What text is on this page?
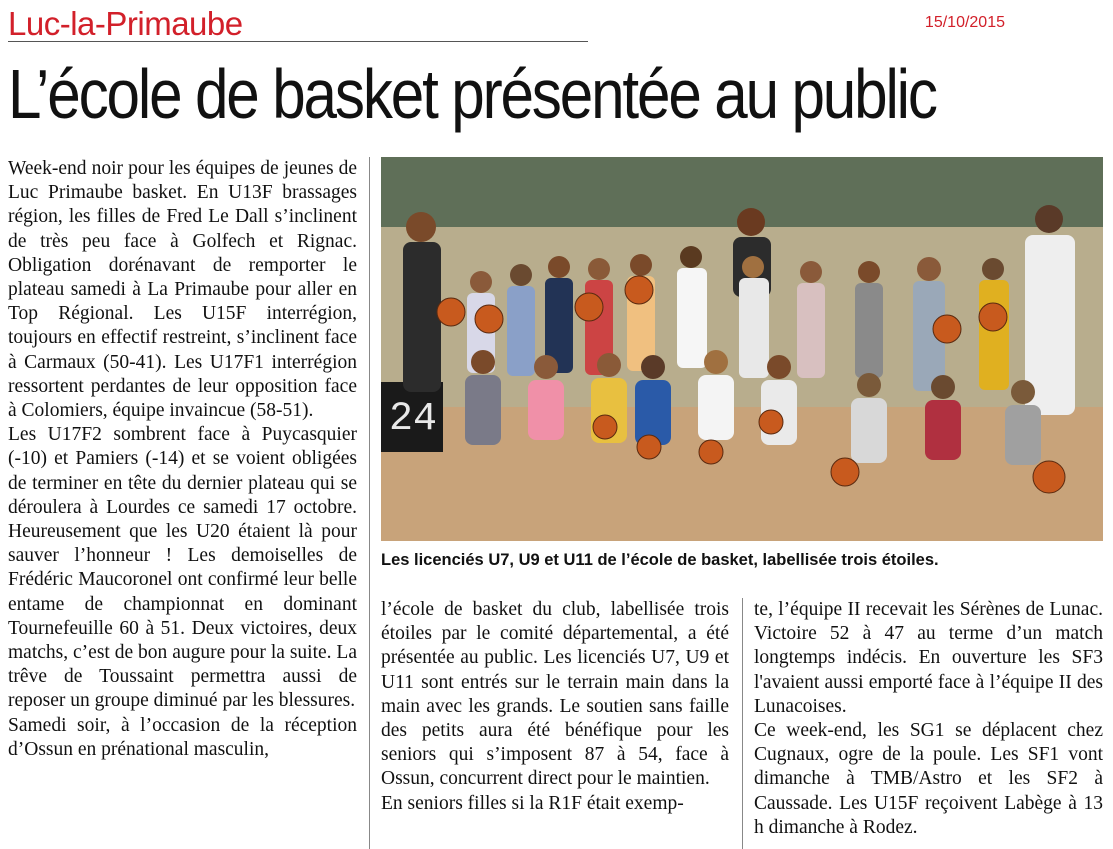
Luc-la-Primaube	15/10/2015
L’école de basket présentée au public

Week-end noir pour les équipes de jeunes de Luc Primaube basket. En U13F brassages région, les filles de Fred Le Dall s’inclinent de très peu face à Golfech et Rignac. Obligation dorénavant de remporter le plateau samedi à La Primaube pour aller en Top Régional. Les U15F interrégion, toujours en effectif restreint, s’inclinent face à Carmaux (50-41). Les U17F1 interrégion ressortent perdantes de leur opposition face à Colomiers, équipe invaincue (58-51).

Les U17F2 sombrent face à Puycasquier (-10) et Pamiers (-14) et se voient obligées de terminer en tête du dernier plateau qui se déroulera à Lourdes ce samedi 17 octobre. Heureusement que les U20 étaient là pour sauver l’honneur ! Les demoiselles de Frédéric Maucoronel ont confirmé leur belle entame de championnat en dominant Tournefeuille 60 à 51. Deux victoires, deux matchs, c’est de bon augure pour la suite. La trêve de Toussaint permettra aussi de reposer un groupe diminué par les blessures.

Samedi soir, à l’occasion de la réception d’Ossun en prénational masculin,

24
Les licenciés U7, U9 et U11 de l’école de basket, labellisée trois étoiles.

l’école de basket du club, labellisée trois étoiles par le comité départemental, a été présentée au public. Les licenciés U7, U9 et U11 sont entrés sur le terrain main dans la main avec les grands. Le soutien sans faille des petits aura été bénéfique pour les seniors qui s’imposent 87 à 54, face à Ossun, concurrent direct pour le maintien.

En seniors filles si la R1F était exemp-

te, l’équipe II recevait les Sérènes de Lunac. Victoire 52 à 47 au terme d’un match longtemps indécis. En ouverture les SF3 l'avaient aussi emporté face à l’équipe II des Lunacoises.

Ce week-end, les SG1 se déplacent chez Cugnaux, ogre de la poule. Les SF1 vont dimanche à TMB/Astro et les SF2 à Caussade. Les U15F reçoivent Labège à 13 h dimanche à Rodez.
